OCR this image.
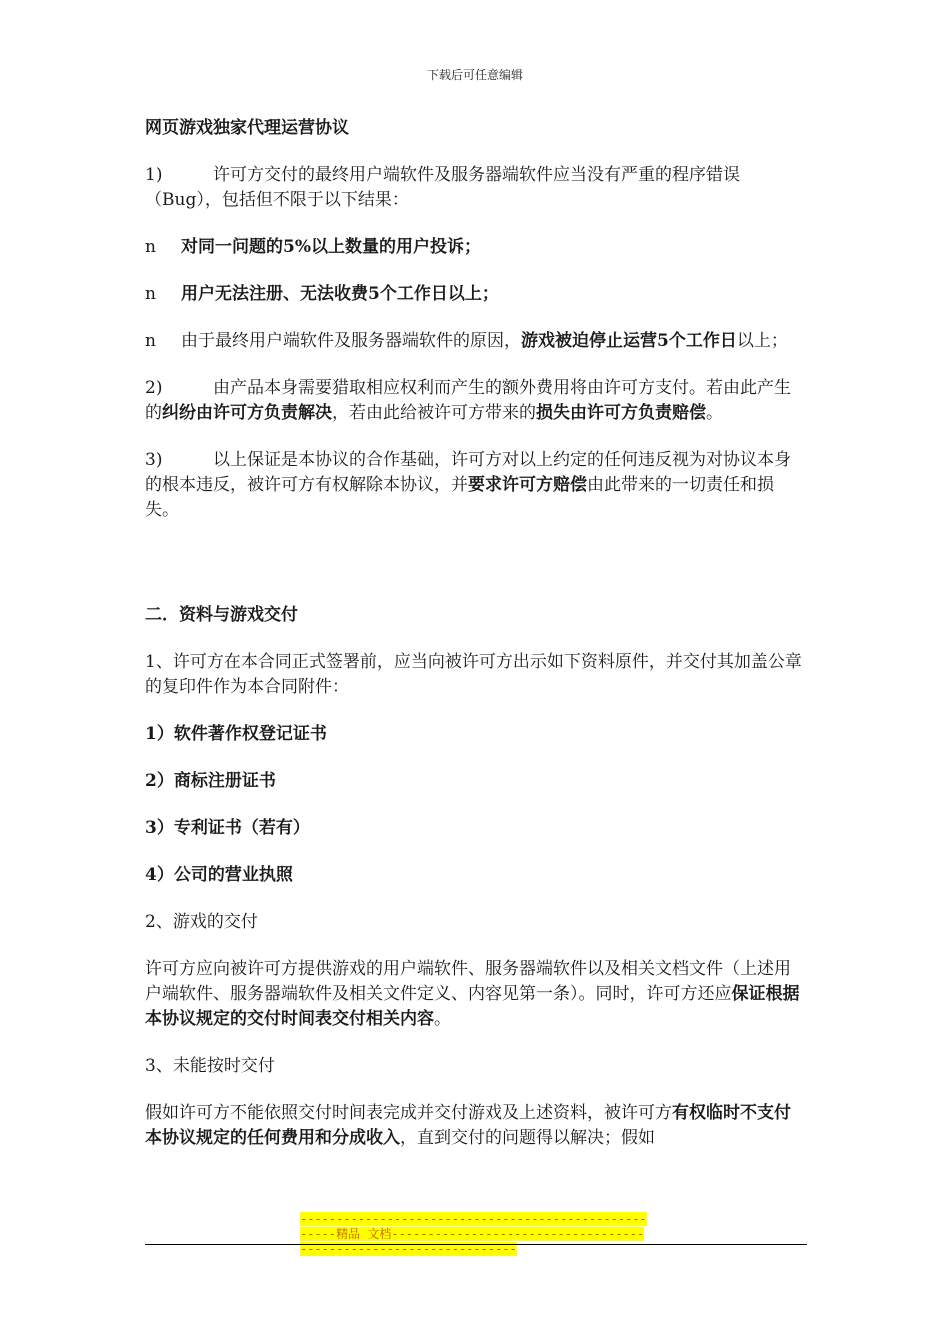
下载后可任意编辑

网页游戏独家代理运营协议

1)	许可方交付的最终用户端软件及服务器端软件应当没有严重的程序错误（Bug），包括但不限于以下结果：

n 对同一问题的5%以上数量的用户投诉；

n 用户无法注册、无法收费5个工作日以上；

n 由于最终用户端软件及服务器端软件的原因，游戏被迫停止运营5个工作日以上；

2)	由产品本身需要猎取相应权利而产生的额外费用将由许可方支付。若由此产生的纠纷由许可方负责解决，若由此给被许可方带来的损失由许可方负责赔偿。

3)	以上保证是本协议的合作基础，许可方对以上约定的任何违反视为对协议本身的根本违反，被许可方有权解除本协议，并要求许可方赔偿由此带来的一切责任和损失。

二．资料与游戏交付

1、许可方在本合同正式签署前，应当向被许可方出示如下资料原件，并交付其加盖公章的复印件作为本合同附件：

1）软件著作权登记证书

2）商标注册证书

3）专利证书（若有）

4）公司的营业执照

2、游戏的交付

许可方应向被许可方提供游戏的用户端软件、服务器端软件以及相关文档文件（上述用户端软件、服务器端软件及相关文件定义、内容见第一条）。同时，许可方还应保证根据本协议规定的交付时间表交付相关内容。

3、未能按时交付

假如许可方不能依照交付时间表完成并交付游戏及上述资料，被许可方有权临时不支付本协议规定的任何费用和分成收入，直到交付的问题得以解决；假如

-----------------------------------------------------精品 文档-----------------------------------------------------------------
